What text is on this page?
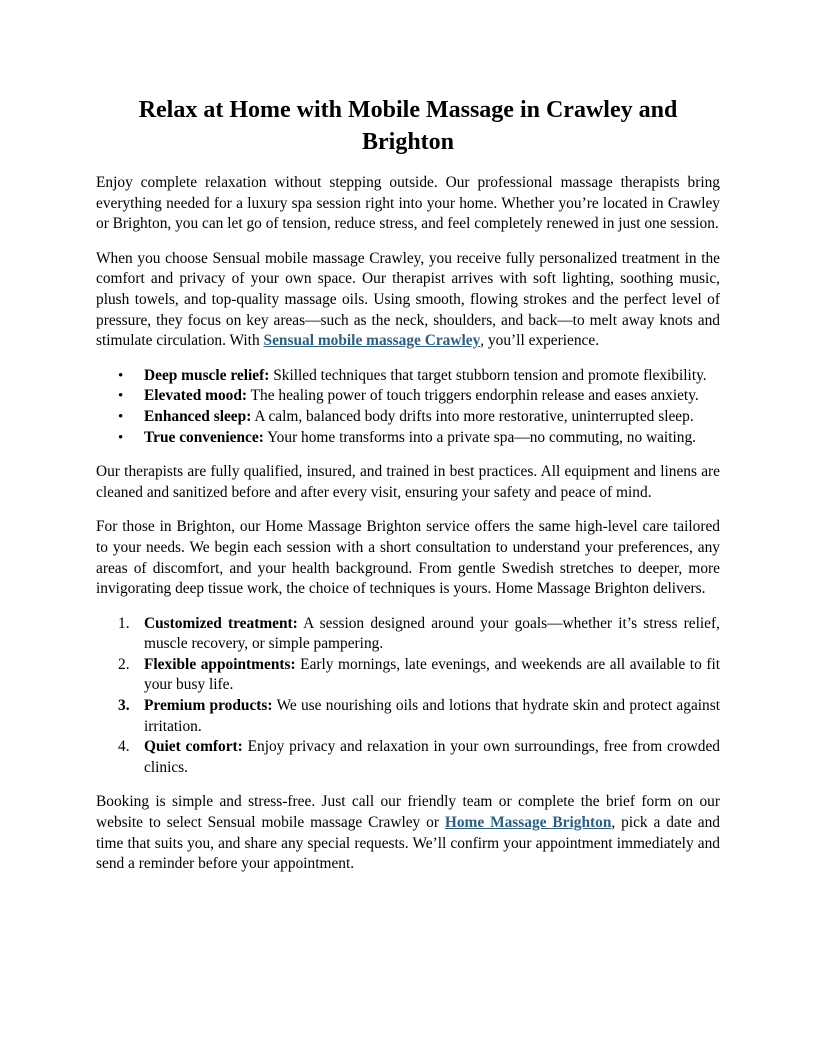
Relax at Home with Mobile Massage in Crawley and Brighton

Enjoy complete relaxation without stepping outside. Our professional massage therapists bring everything needed for a luxury spa session right into your home. Whether you’re located in Crawley or Brighton, you can let go of tension, reduce stress, and feel completely renewed in just one session.

When you choose Sensual mobile massage Crawley, you receive fully personalized treatment in the comfort and privacy of your own space. Our therapist arrives with soft lighting, soothing music, plush towels, and top-quality massage oils. Using smooth, flowing strokes and the perfect level of pressure, they focus on key areas—such as the neck, shoulders, and back—to melt away knots and stimulate circulation. With Sensual mobile massage Crawley, you’ll experience.

• Deep muscle relief: Skilled techniques that target stubborn tension and promote flexibility.
• Elevated mood: The healing power of touch triggers endorphin release and eases anxiety.
• Enhanced sleep: A calm, balanced body drifts into more restorative, uninterrupted sleep.
• True convenience: Your home transforms into a private spa—no commuting, no waiting.

Our therapists are fully qualified, insured, and trained in best practices. All equipment and linens are cleaned and sanitized before and after every visit, ensuring your safety and peace of mind.

For those in Brighton, our Home Massage Brighton service offers the same high-level care tailored to your needs. We begin each session with a short consultation to understand your preferences, any areas of discomfort, and your health background. From gentle Swedish stretches to deeper, more invigorating deep tissue work, the choice of techniques is yours. Home Massage Brighton delivers.

1. Customized treatment: A session designed around your goals—whether it’s stress relief, muscle recovery, or simple pampering.
2. Flexible appointments: Early mornings, late evenings, and weekends are all available to fit your busy life.
3. Premium products: We use nourishing oils and lotions that hydrate skin and protect against irritation.
4. Quiet comfort: Enjoy privacy and relaxation in your own surroundings, free from crowded clinics.

Booking is simple and stress-free. Just call our friendly team or complete the brief form on our website to select Sensual mobile massage Crawley or Home Massage Brighton, pick a date and time that suits you, and share any special requests. We’ll confirm your appointment immediately and send a reminder before your appointment.
